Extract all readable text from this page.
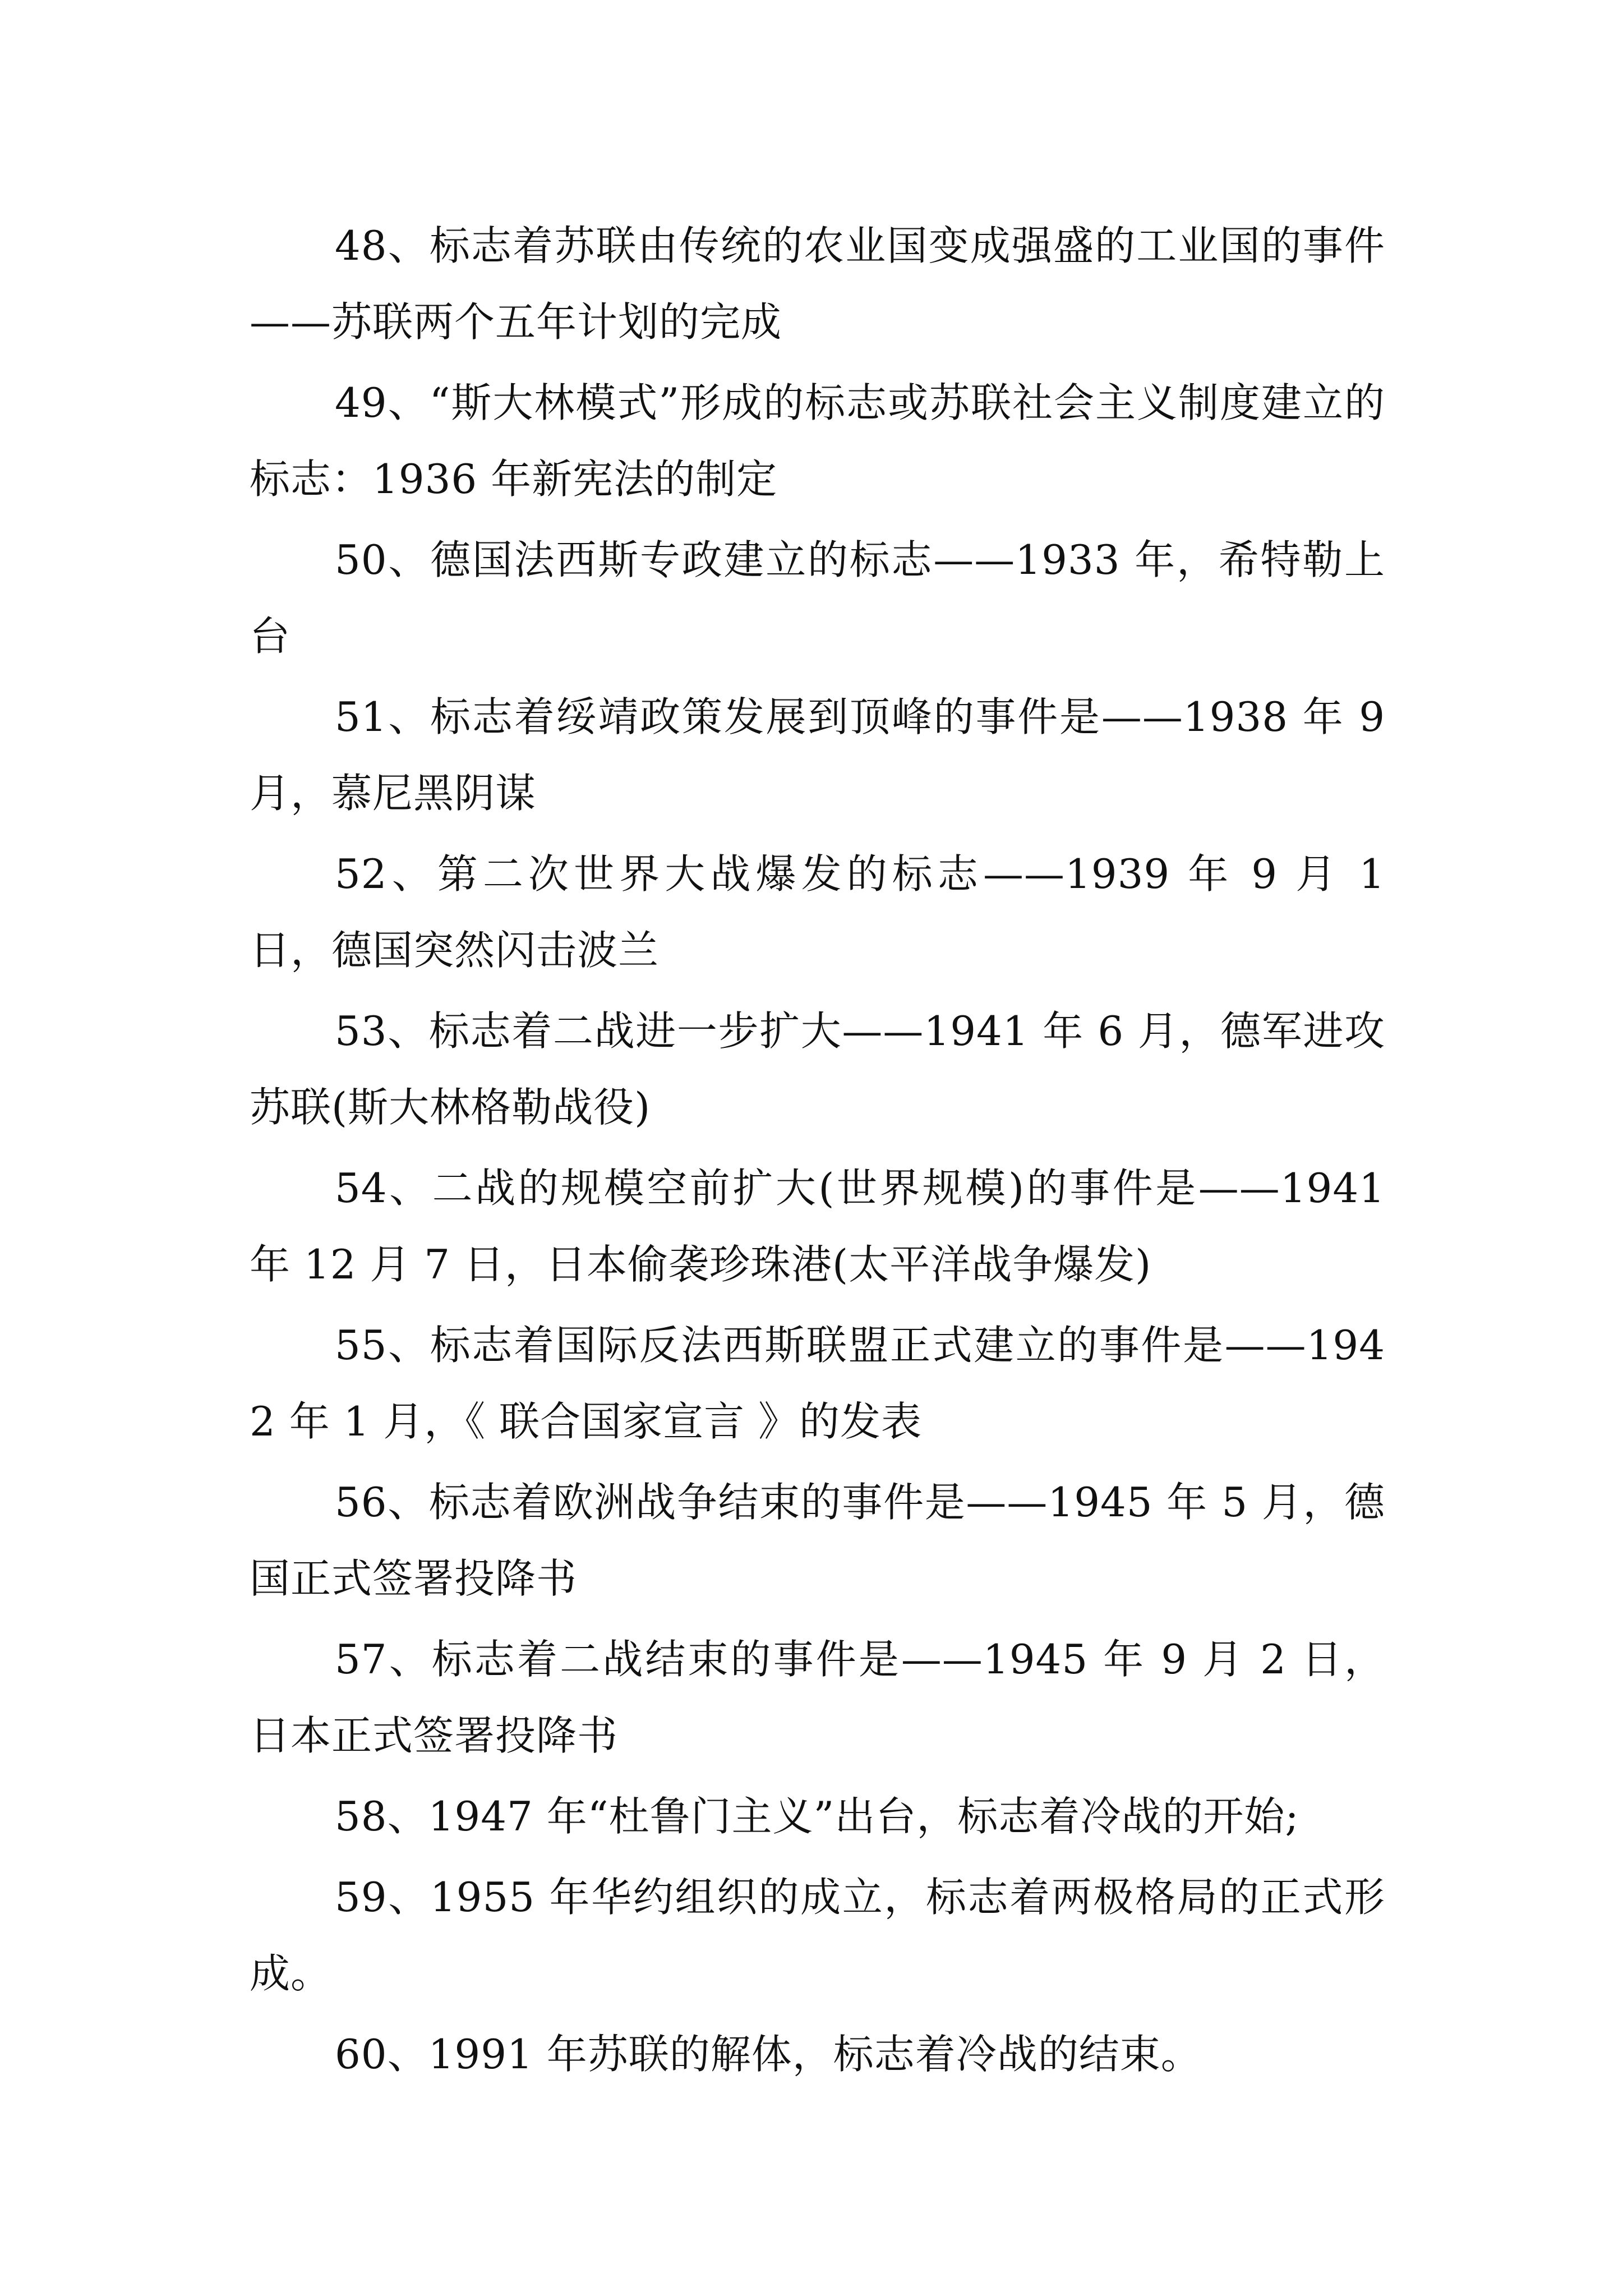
48、标志着苏联由传统的农业国变成强盛的工业国的事件——苏联两个五年计划的完成

49、“斯大林模式”形成的标志或苏联社会主义制度建立的标志：1936 年新宪法的制定

50、德国法西斯专政建立的标志——1933 年，希特勒上台

51、标志着绥靖政策发展到顶峰的事件是——1938 年 9 月，慕尼黑阴谋

52、第二次世界大战爆发的标志——1939 年 9 月 1 日，德国突然闪击波兰

53、标志着二战进一步扩大——1941 年 6 月，德军进攻苏联(斯大林格勒战役)

54、二战的规模空前扩大(世界规模)的事件是——1941 年 12 月 7 日，日本偷袭珍珠港(太平洋战争爆发)

55、标志着国际反法西斯联盟正式建立的事件是——1942 年 1 月，《 联合国家宣言 》的发表

56、标志着欧洲战争结束的事件是——1945 年 5 月，德国正式签署投降书

57、标志着二战结束的事件是——1945 年 9 月 2 日，日本正式签署投降书

58、1947 年“杜鲁门主义”出台，标志着冷战的开始;

59、1955 年华约组织的成立，标志着两极格局的正式形成。

60、1991 年苏联的解体，标志着冷战的结束。
